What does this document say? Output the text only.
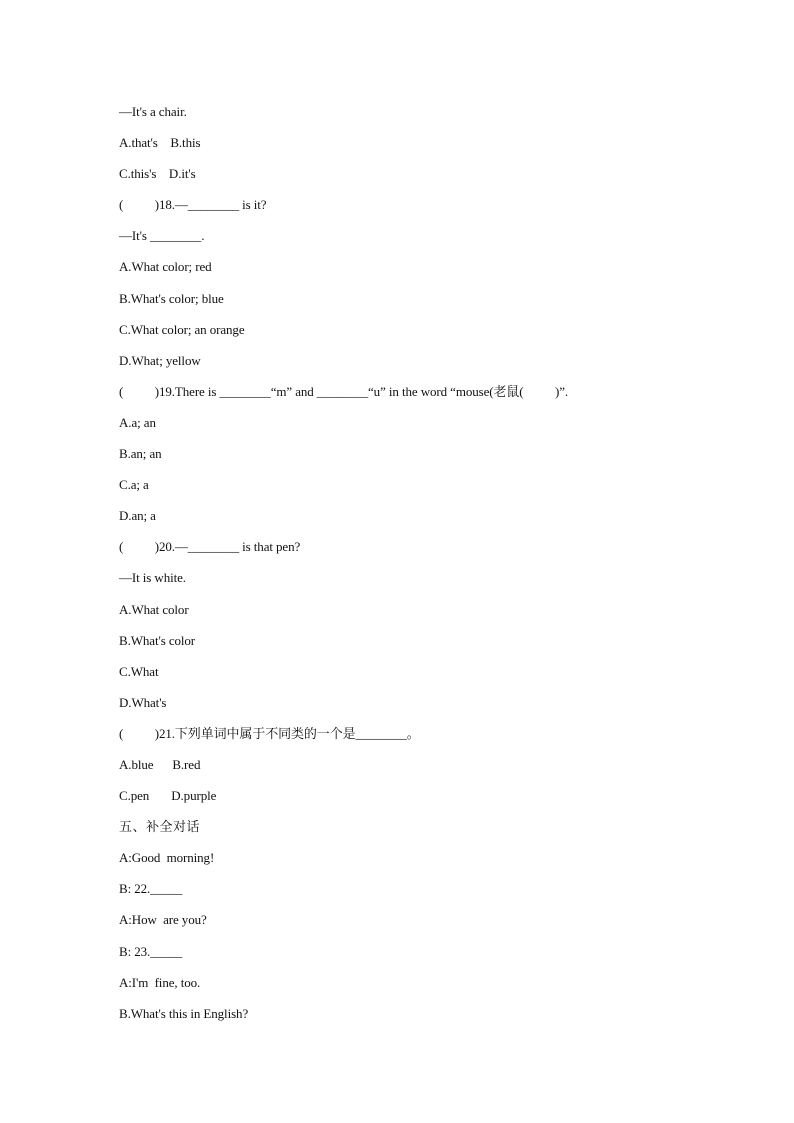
—It's a chair.
A.that's    B.this
C.this's    D.it's
(          )18.—________ is it?
—It's ________.
A.What color; red
B.What's color; blue
C.What color; an orange
D.What; yellow
(          )19.There is ________“m” and ________“u” in the word “mouse(老鼠(          )”.
A.a; an
B.an; an
C.a; a
D.an; a
(          )20.—________ is that pen?
—It is white.
A.What color
B.What's color
C.What
D.What's
(          )21.下列单词中属于不同类的一个是________。
A.blue      B.red
C.pen       D.purple
五、补全对话
A:Good  morning!
B: 22._____
A:How  are you?
B: 23._____
A:I'm  fine, too.
B.What's this in English?
